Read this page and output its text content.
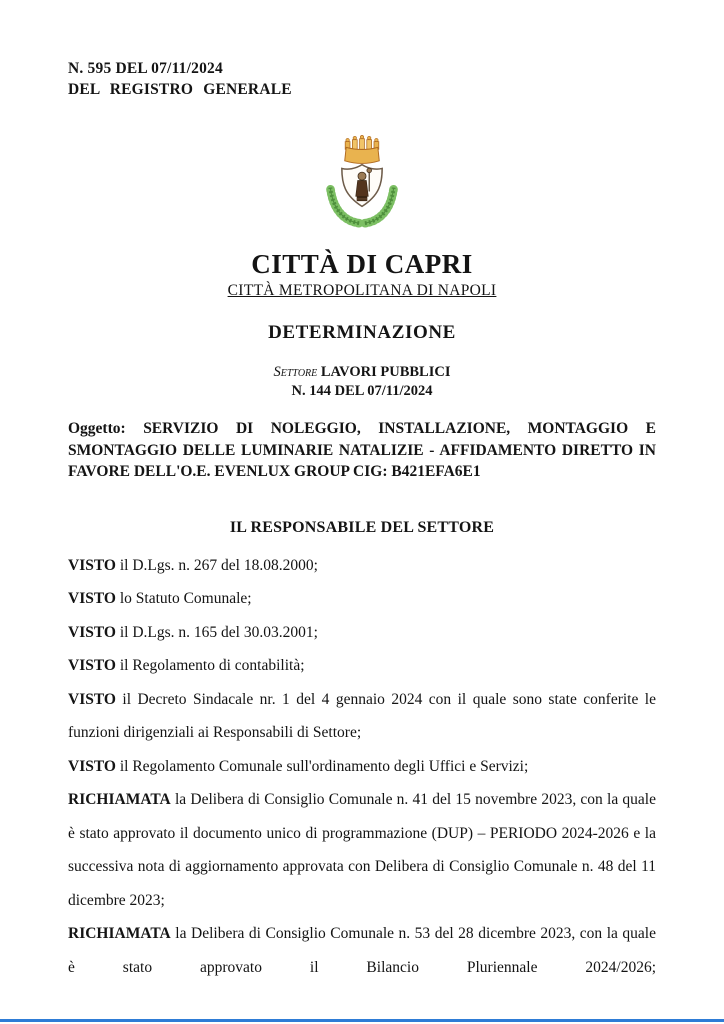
N. 595 DEL 07/11/2024
DEL REGISTRO GENERALE
CITTÀ DI CAPRI
CITTÀ METROPOLITANA DI NAPOLI
DETERMINAZIONE
Settore LAVORI PUBBLICI
N. 144 DEL 07/11/2024
Oggetto: SERVIZIO DI NOLEGGIO, INSTALLAZIONE, MONTAGGIO E SMONTAGGIO DELLE LUMINARIE NATALIZIE - AFFIDAMENTO DIRETTO IN FAVORE DELL'O.E. EVENLUX GROUP CIG: B421EFA6E1
IL RESPONSABILE DEL SETTORE

VISTO il D.Lgs. n. 267 del 18.08.2000;

VISTO lo Statuto Comunale;

VISTO il D.Lgs. n. 165 del 30.03.2001;

VISTO il Regolamento di contabilità;

VISTO il Decreto Sindacale nr. 1 del 4 gennaio 2024 con il quale sono state conferite le funzioni dirigenziali ai Responsabili di Settore;

VISTO il Regolamento Comunale sull'ordinamento degli Uffici e Servizi;

RICHIAMATA la Delibera di Consiglio Comunale n. 41 del 15 novembre 2023, con la quale è stato approvato il documento unico di programmazione (DUP) – PERIODO 2024-2026 e la successiva nota di aggiornamento approvata con Delibera di Consiglio Comunale n. 48 del 11 dicembre 2023;

RICHIAMATA la Delibera di Consiglio Comunale n. 53 del 28 dicembre 2023, con la quale è stato approvato il Bilancio Pluriennale 2024/2026;
